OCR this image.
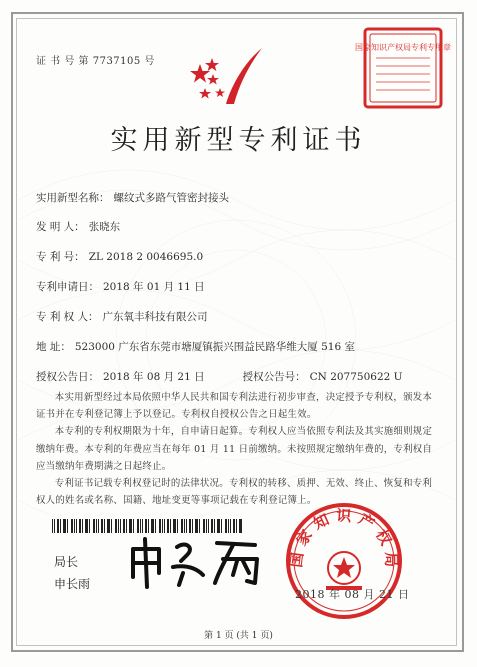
证 书 号 第 7737105 号
国家知识产权局专利专用章
实用新型专利证书
实用新型名称： 螺纹式多路气管密封接头
发 明 人： 张晓东
专 利 号： ZL 2018 2 0046695.0
专利申请日： 2018 年 01 月 11 日
专 利 权 人： 广东氧丰科技有限公司
地 址： 523000 广东省东莞市塘厦镇振兴围益民路华维大厦 516 室
授权公告日： 2018 年 08 月 21 日	授权公告号： CN 207750622 U

本实用新型经过本局依照中华人民共和国专利法进行初步审查，决定授予专利权，颁发本证书并在专利登记簿上予以登记。专利权自授权公告之日起生效。

本专利的专利权期限为十年，自申请日起算。专利权人应当依照专利法及其实施细则规定缴纳年费。本专利的年费应当在每年 01 月 11 日前缴纳。未按照规定缴纳年费的，专利权自应当缴纳年费期满之日起终止。

专利证书记载专利权登记时的法律状况。专利权的转移、质押、无效、终止、恢复和专利权人的姓名或名称、国籍、地址变更等事项记载在专利登记簿上。

局长
申长雨
国家知识产权局
2018 年 08 月 21 日
第 1 页 (共 1 页)
